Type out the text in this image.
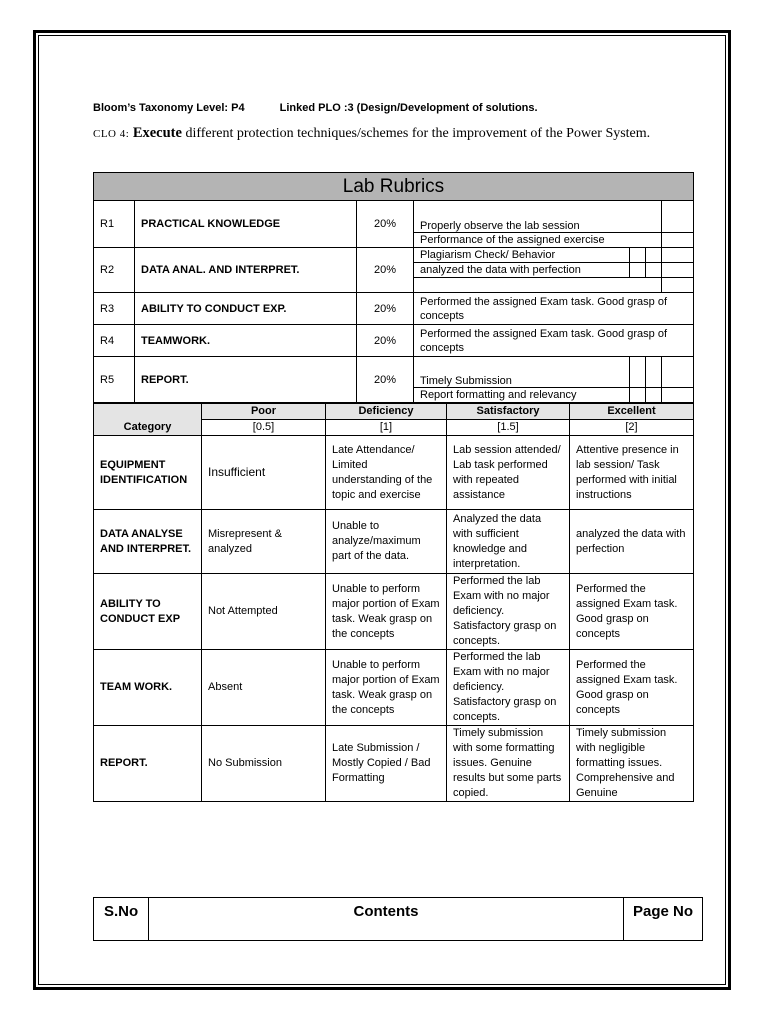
Bloom’s Taxonomy Level: P4	Linked PLO :3 (Design/Development of solutions.
CLO 4: Execute different protection techniques/schemes for the improvement of the Power System.
Lab Rubrics						
R1	PRACTICAL KNOWLEDGE	20%	Properly observe the lab session			
			Performance of the assigned exercise			
R2	DATA ANAL. AND INTERPRET.	20%	Plagiarism Check/ Behavior			
			analyzed the data with perfection			

R3	ABILITY TO CONDUCT EXP.	20%	Performed the assigned Exam task. Good grasp of concepts			
R4	TEAMWORK.	20%	Performed the assigned Exam task. Good grasp of concepts			
R5	REPORT.	20%	Timely Submission			
			Report formatting and relevancy			
Category	Poor	Deficiency	Satisfactory	Excellent
	[0.5]	[1]	[1.5]	[2]
EQUIPMENT IDENTIFICATION	Insufficient	Late Attendance/ Limited understanding of the topic and exercise	Lab session attended/ Lab task performed with repeated assistance	Attentive presence in lab session/ Task performed with initial instructions
DATA ANALYSE AND INTERPRET.	Misrepresent & analyzed	Unable to analyze/maximum part of the data.	Analyzed the data with sufficient knowledge and interpretation.	analyzed the data with perfection
ABILITY TO CONDUCT EXP	Not Attempted	Unable to perform major portion of Exam task. Weak grasp on the concepts	Performed the lab Exam with no major deficiency. Satisfactory grasp on concepts.	Performed the assigned Exam task. Good grasp on concepts
TEAM WORK.	Absent	Unable to perform major portion of Exam task. Weak grasp on the concepts	Performed the lab Exam with no major deficiency. Satisfactory grasp on concepts.	Performed the assigned Exam task. Good grasp on concepts
REPORT.	No Submission	Late Submission / Mostly Copied / Bad Formatting	Timely submission with some formatting issues. Genuine results but some parts copied.	Timely submission with negligible formatting issues. Comprehensive and Genuine
S.No	Contents	Page No
